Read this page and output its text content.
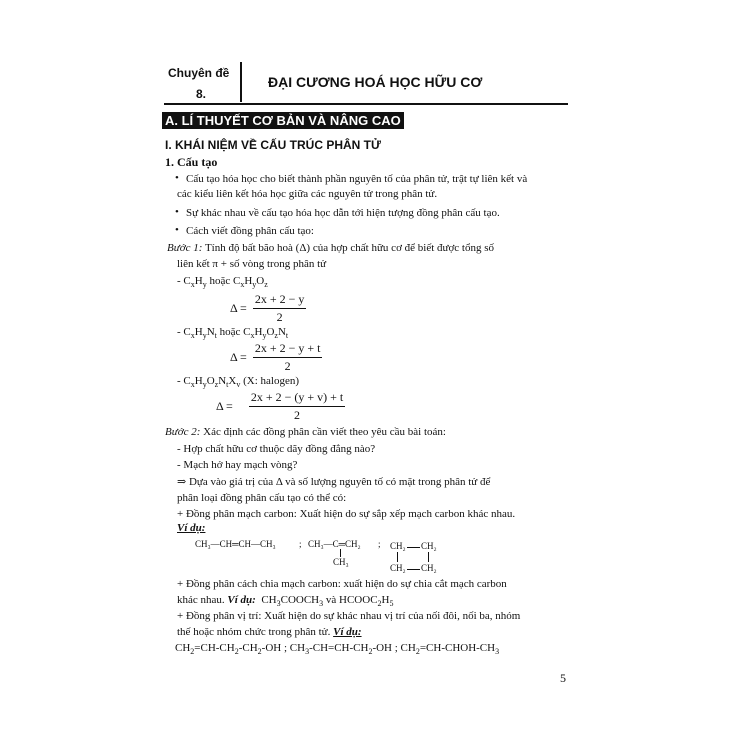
Chuyên đề
8.
ĐẠI CƯƠNG HOÁ HỌC HỮU CƠ
A. LÍ THUYẾT CƠ BẢN VÀ NÂNG CAO
I. KHÁI NIỆM VỀ CẤU TRÚC PHÂN TỬ
1. Cấu tạo
• Cấu tạo hóa học cho biết thành phần nguyên tố của phân tử, trật tự liên kết và
các kiểu liên kết hóa học giữa các nguyên tử trong phân tử.
• Sự khác nhau về cấu tạo hóa học dẫn tới hiện tượng đồng phân cấu tạo.
• Cách viết đồng phân cấu tạo:
Bước 1: Tính độ bất bão hoà (Δ) của hợp chất hữu cơ để biết được tổng số
liên kết π + số vòng trong phân tử
- $C_xH_y$ hoặc $C_xH_yO_z$
$\Delta = \frac{2x + 2 - y}{2}$
- $C_xH_yN_t$ hoặc $C_xH_yO_zN_t$
$\Delta = \frac{2x + 2 - y + t}{2}$
- $C_xH_yO_zN_tX_v$ (X: halogen)
$\Delta = \frac{2x + 2 - (y + v) + t}{2}$
Bước 2: Xác định các đồng phân cần viết theo yêu cầu bài toán:
- Hợp chất hữu cơ thuộc dãy đồng đẳng nào?
- Mạch hở hay mạch vòng?
⇒ Dựa vào giá trị của Δ và số lượng nguyên tố có mặt trong phân tử để
phân loại đồng phân cấu tạo có thể có:
+ Đồng phân mạch carbon: Xuất hiện do sự sắp xếp mạch carbon khác nhau.
Ví dụ:
CH₃—CH═CH—CH₃	; CH₃—C═CH₂
CH₃
; CH₂ CH₂
CH₂ CH₂
+ Đồng phân cách chia mạch carbon: xuất hiện do sự chia cắt mạch carbon
khác nhau. Ví dụ: $CH_3COOCH_3$ và $HCOOC_2H_5$
+ Đồng phân vị trí: Xuất hiện do sự khác nhau vị trí của nối đôi, nối ba, nhóm
thế hoặc nhóm chức trong phân tử. Ví dụ:
$CH_2=CH-CH_2-CH_2-OH$ ; $CH_3-CH=CH-CH_2-OH$ ; $CH_2=CH-CHOH-CH_3$
5
